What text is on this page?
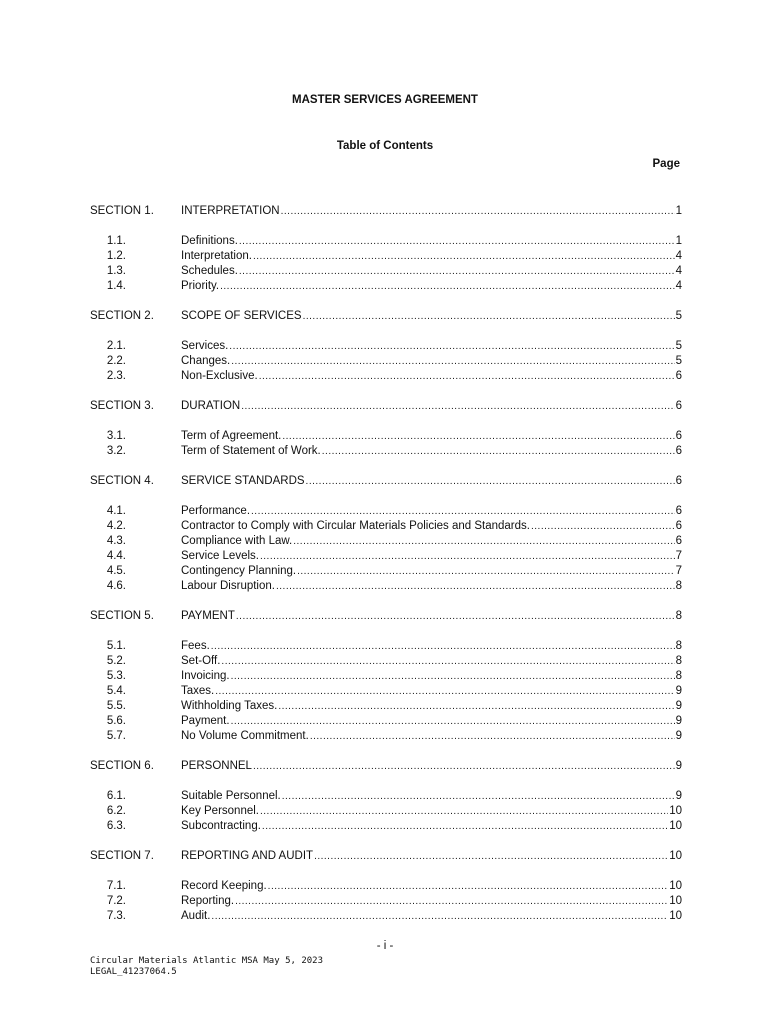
MASTER SERVICES AGREEMENT
Table of Contents
Page
SECTION 1. INTERPRETATION .....	1
1.1.	Definitions. .....	1
1.2.	Interpretation. .....	4
1.3.	Schedules. .....	4
1.4.	Priority. .....	4
SECTION 2. SCOPE OF SERVICES .....	5
2.1.	Services. .....	5
2.2.	Changes. .....	5
2.3.	Non-Exclusive. .....	6
SECTION 3. DURATION .....	6
3.1.	Term of Agreement. .....	6
3.2.	Term of Statement of Work. .....	6
SECTION 4. SERVICE STANDARDS .....	6
4.1.	Performance. .....	6
4.2.	Contractor to Comply with Circular Materials Policies and Standards. .....	6
4.3.	Compliance with Law. .....	6
4.4.	Service Levels. .....	7
4.5.	Contingency Planning. .....	7
4.6.	Labour Disruption. .....	8
SECTION 5. PAYMENT .....	8
5.1.	Fees. .....	8
5.2.	Set-Off. .....	8
5.3.	Invoicing. .....	8
5.4.	Taxes. .....	9
5.5.	Withholding Taxes. .....	9
5.6.	Payment. .....	9
5.7.	No Volume Commitment. .....	9
SECTION 6. PERSONNEL .....	9
6.1.	Suitable Personnel. .....	9
6.2.	Key Personnel. .....	10
6.3.	Subcontracting. .....	10
SECTION 7. REPORTING AND AUDIT .....	10
7.1.	Record Keeping. .....	10
7.2.	Reporting. .....	10
7.3.	Audit. .....	10
- i -
Circular Materials Atlantic MSA May 5, 2023
LEGAL_41237064.5
